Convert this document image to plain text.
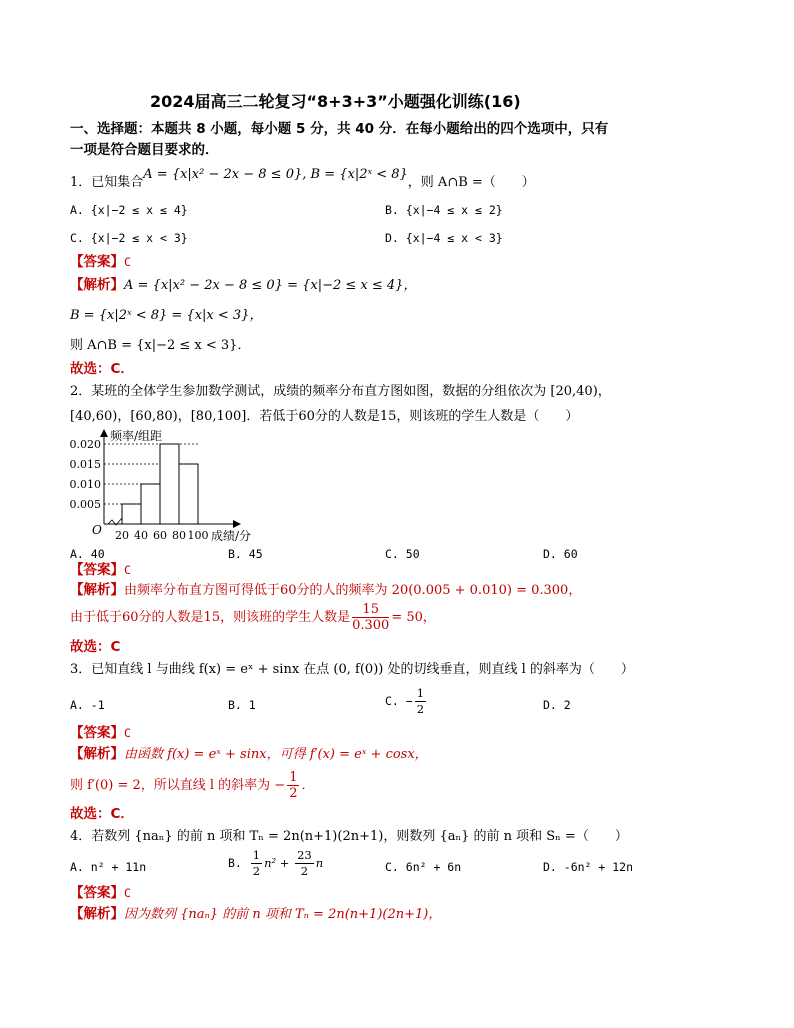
2024届高三二轮复习“8+3+3”小题强化训练(16)
一、选择题：本题共 8 小题，每小题 5 分，共 40 分．在每小题给出的四个选项中，只有
一项是符合题目要求的．
1．已知集合A = {x|x² − 2x − 8 ≤ 0}, B = {x|2ˣ < 8}，则 A∩B =（　　）
A. {x|−2 ≤ x ≤ 4}	B. {x|−4 ≤ x ≤ 2}
C. {x|−2 ≤ x < 3}	D. {x|−4 ≤ x < 3}
【答案】C
【解析】A = {x|x² − 2x − 8 ≤ 0} = {x|−2 ≤ x ≤ 4}，
B = {x|2ˣ < 8} = {x|x < 3}，
则 A∩B = {x|−2 ≤ x < 3}．
故选：C．
2．某班的全体学生参加数学测试，成绩的频率分布直方图如图，数据的分组依次为 [20,40)，
[40,60)，[60,80)，[80,100]．若低于60分的人数是15，则该班的学生人数是（　　）
0.005
0.010
0.015
0.020
20 40 60 80 100
频率/组距
成绩/分
O
A. 40	B. 45	C. 50	D. 60
【答案】C
【解析】由频率分布直方图可得低于60分的人的频率为 20(0.005 + 0.010) = 0.300，
由于低于60分的人数是15，则该班的学生人数是 $\frac{15}{0.300} = 50$，
故选：C
3．已知直线 l 与曲线 f(x) = eˣ + sinx 在点 (0, f(0)) 处的切线垂直，则直线 l 的斜率为（　　）
A. -1	B. 1	C. − $\frac{1}{2}$	D. 2
【答案】C
【解析】由函数 f(x) = eˣ + sinx，可得 f′(x) = eˣ + cosx，
则 f′(0) = 2，所以直线 l 的斜率为 − $\frac{1}{2}$ ．
故选：C．
4．若数列 {naₙ} 的前 n 项和 Tₙ = 2n(n+1)(2n+1)，则数列 {aₙ} 的前 n 项和 Sₙ =（　　）
A. n² + 11n	B. $\frac{1}{2} n^2 + \frac{23}{2}$ n	C. 6n² + 6n	D. -6n² + 12n
【答案】C
【解析】因为数列 {naₙ} 的前 n 项和 Tₙ = 2n(n+1)(2n+1)，
